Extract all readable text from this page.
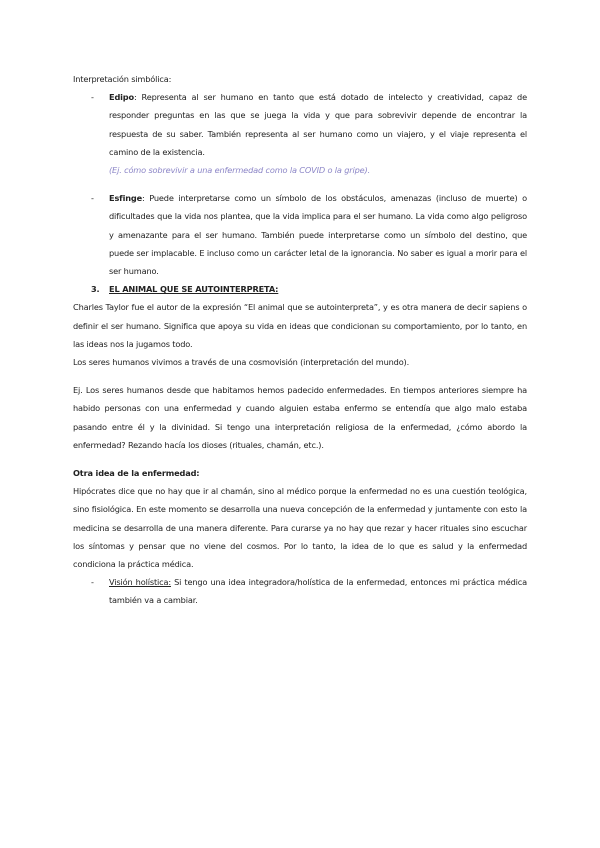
Interpretación simbólica:
- Edipo: Representa al ser humano en tanto que está dotado de intelecto y creatividad, capaz de responder preguntas en las que se juega la vida y que para sobrevivir depende de encontrar la respuesta de su saber. También representa al ser humano como un viajero, y el viaje representa el camino de la existencia.
(Ej. cómo sobrevivir a una enfermedad como la COVID o la gripe).
- Esfinge: Puede interpretarse como un símbolo de los obstáculos, amenazas (incluso de muerte) o dificultades que la vida nos plantea, que la vida implica para el ser humano. La vida como algo peligroso y amenazante para el ser humano. También puede interpretarse como un símbolo del destino, que puede ser implacable. E incluso como un carácter letal de la ignorancia. No saber es igual a morir para el ser humano.
3. EL ANIMAL QUE SE AUTOINTERPRETA:

Charles Taylor fue el autor de la expresión “El animal que se autointerpreta”, y es otra manera de decir sapiens o definir el ser humano. Significa que apoya su vida en ideas que condicionan su comportamiento, por lo tanto, en las ideas nos la jugamos todo.

Los seres humanos vivimos a través de una cosmovisión (interpretación del mundo).

Ej. Los seres humanos desde que habitamos hemos padecido enfermedades. En tiempos anteriores siempre ha habido personas con una enfermedad y cuando alguien estaba enfermo se entendía que algo malo estaba pasando entre él y la divinidad. Si tengo una interpretación religiosa de la enfermedad, ¿cómo abordo la enfermedad? Rezando hacía los dioses (rituales, chamán, etc.).

Otra idea de la enfermedad:

Hipócrates dice que no hay que ir al chamán, sino al médico porque la enfermedad no es una cuestión teológica, sino fisiológica. En este momento se desarrolla una nueva concepción de la enfermedad y juntamente con esto la medicina se desarrolla de una manera diferente. Para curarse ya no hay que rezar y hacer rituales sino escuchar los síntomas y pensar que no viene del cosmos. Por lo tanto, la idea de lo que es salud y la enfermedad condiciona la práctica médica.

- Visión holística: Si tengo una idea integradora/holística de la enfermedad, entonces mi práctica médica también va a cambiar.
